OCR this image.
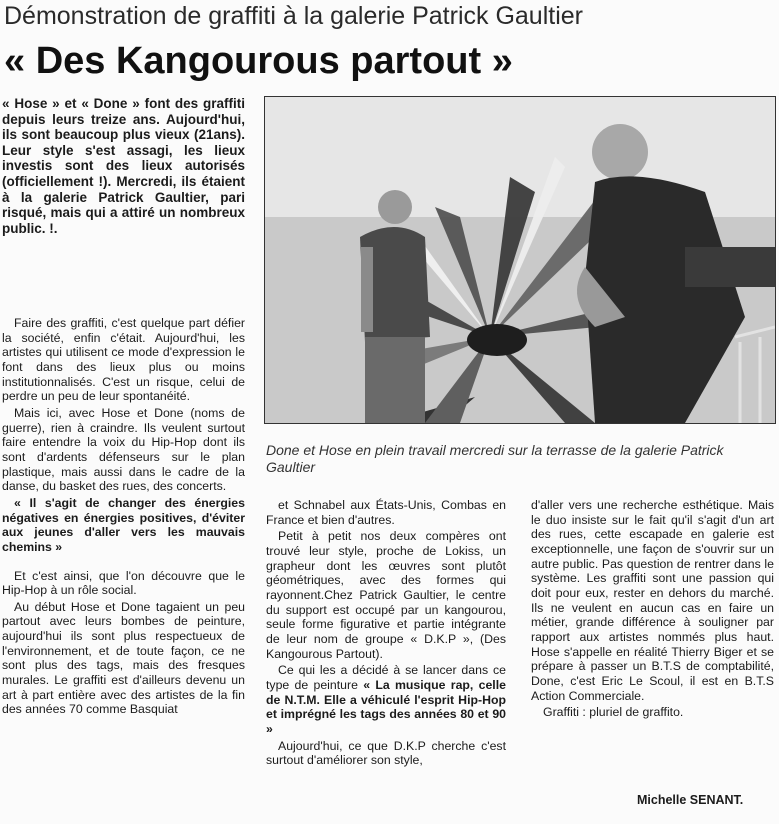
Démonstration de graffiti à la galerie Patrick Gaultier
« Des Kangourous partout »
« Hose » et « Done » font des graffiti depuis leurs treize ans. Aujourd'hui, ils sont beaucoup plus vieux (21ans). Leur style s'est assagi, les lieux investis sont des lieux autorisés (officiellement !). Mercredi, ils étaient à la galerie Patrick Gaultier, pari risqué, mais qui a attiré un nombreux public. !.
Done et Hose en plein travail mercredi sur la terrasse de la galerie Patrick Gaultier

Faire des graffiti, c'est quelque part défier la société, enfin c'était. Aujourd'hui, les artistes qui utilisent ce mode d'expression le font dans des lieux plus ou moins institutionnalisés. C'est un risque, celui de perdre un peu de leur spontanéité.

Mais ici, avec Hose et Done (noms de guerre), rien à craindre. Ils veulent surtout faire entendre la voix du Hip-Hop dont ils sont d'ardents défenseurs sur le plan plastique, mais aussi dans le cadre de la danse, du basket des rues, des concerts.

« Il s'agit de changer des énergies négatives en énergies positives, d'éviter aux jeunes d'aller vers les mauvais chemins »

Et c'est ainsi, que l'on découvre que le Hip-Hop à un rôle social.

Au début Hose et Done tagaient un peu partout avec leurs bombes de peinture, aujourd'hui ils sont plus respectueux de l'environnement, et de toute façon, ce ne sont plus des tags, mais des fresques murales. Le graffiti est d'ailleurs devenu un art à part entière avec des artistes de la fin des années 70 comme Basquiat

et Schnabel aux États-Unis, Combas en France et bien d'autres.

Petit à petit nos deux compères ont trouvé leur style, proche de Lokiss, un grapheur dont les œuvres sont plutôt géométriques, avec des formes qui rayonnent.Chez Patrick Gaultier, le centre du support est occupé par un kangourou, seule forme figurative et partie intégrante de leur nom de groupe « D.K.P », (Des Kangourous Partout).

Ce qui les a décidé à se lancer dans ce type de peinture « La musique rap, celle de N.T.M. Elle a véhiculé l'esprit Hip-Hop et imprégné les tags des années 80 et 90 »

Aujourd'hui, ce que D.K.P cherche c'est surtout d'améliorer son style,

d'aller vers une recherche esthétique. Mais le duo insiste sur le fait qu'il s'agit d'un art des rues, cette escapade en galerie est exceptionnelle, une façon de s'ouvrir sur un autre public. Pas question de rentrer dans le système. Les graffiti sont une passion qui doit pour eux, rester en dehors du marché. Ils ne veulent en aucun cas en faire un métier, grande différence à souligner par rapport aux artistes nommés plus haut. Hose s'appelle en réalité Thierry Biger et se prépare à passer un B.T.S de comptabilité, Done, c'est Eric Le Scoul, il est en B.T.S Action Commerciale.

Graffiti : pluriel de graffito.

Michelle SENANT.
